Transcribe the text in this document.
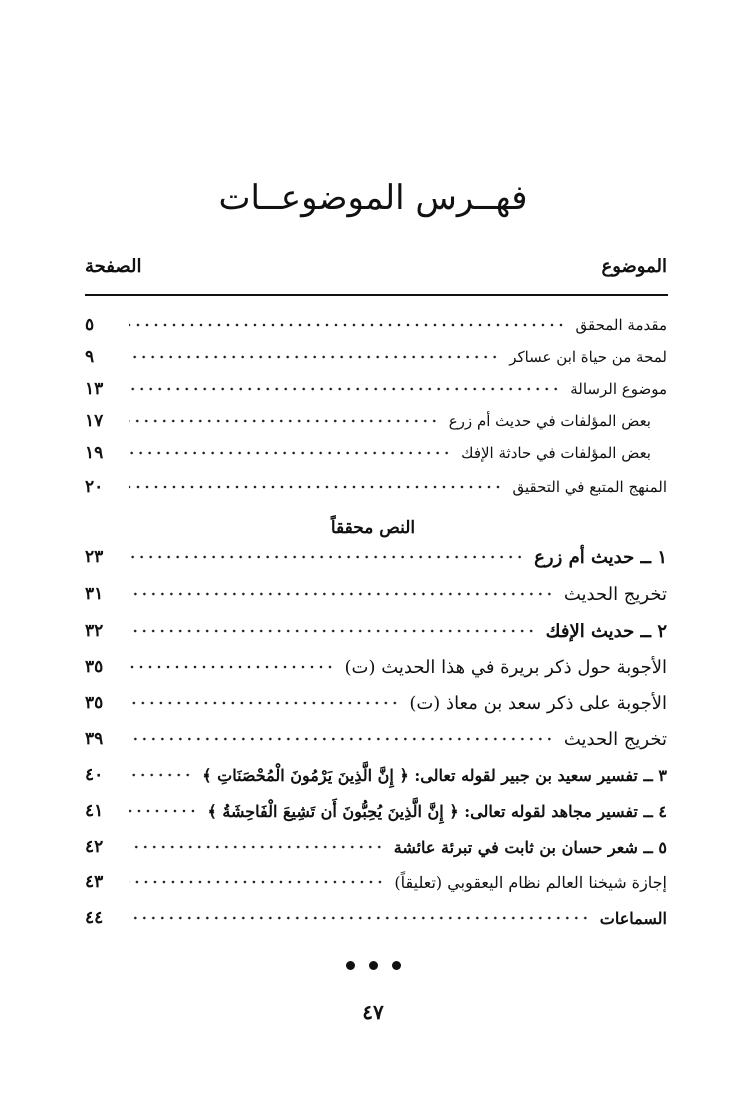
فهــرس الموضوعــات
الموضوع
الصفحة
مقدمة المحقق
٥
لمحة من حياة ابن عساكر
٩
موضوع الرسالة
١٣
بعض المؤلفات في حديث أم زرع
١٧
بعض المؤلفات في حادثة الإفك
١٩
المنهج المتبع في التحقيق
٢٠
النص محققاً
١ ــ حديث أم زرع
٢٣
تخريج الحديث
٣١
٢ ــ حديث الإفك
٣٢
الأجوبة حول ذكر بريرة في هذا الحديث (ت)
٣٥
الأجوبة على ذكر سعد بن معاذ (ت)
٣٥
تخريج الحديث
٣٩
٣ ــ تفسير سعيد بن جبير لقوله تعالى: ﴿ إِنَّ الَّذِينَ يَرْمُونَ الْمُحْصَنَاتِ ﴾
٤٠
٤ ــ تفسير مجاهد لقوله تعالى: ﴿ إِنَّ الَّذِينَ يُحِبُّونَ أَن تَشِيعَ الْفَاحِشَةُ ﴾
٤١
٥ ــ شعر حسان بن ثابت في تبرئة عائشة
٤٢
إجازة شيخنا العالم نظام اليعقوبي (تعليقاً)
٤٣
السماعات
٤٤
٤٧
